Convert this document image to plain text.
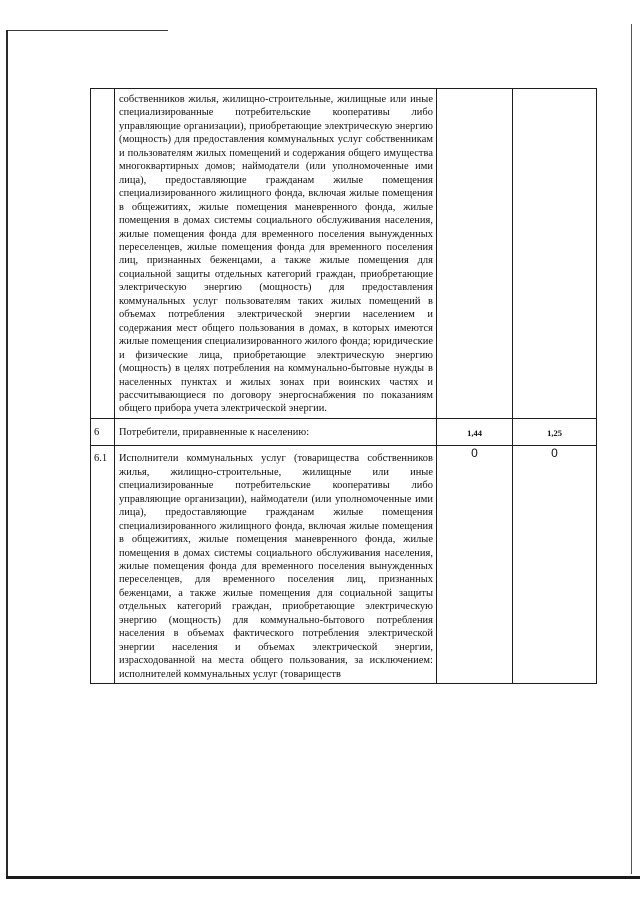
	собственников жилья, жилищно-строительные, жилищные или иные специализированные потребительские кооперативы либо управляющие организации), приобретающие электрическую энергию (мощность) для предоставления коммунальных услуг собственникам и пользователям жилых помещений и содержания общего имущества многоквартирных домов; наймодатели (или уполномоченные ими лица), предоставляющие гражданам жилые помещения специализированного жилищного фонда, включая жилые помещения в общежитиях, жилые помещения маневренного фонда, жилые помещения в домах системы социального обслуживания населения, жилые помещения фонда для временного поселения вынужденных переселенцев, жилые помещения фонда для временного поселения лиц, признанных беженцами, а также жилые помещения для социальной защиты отдельных категорий граждан, приобретающие электрическую энергию (мощность) для предоставления коммунальных услуг пользователям таких жилых помещений в объемах потребления электрической энергии населением и содержания мест общего пользования в домах, в которых имеются жилые помещения специализированного жилого фонда; юридические и физические лица, приобретающие электрическую энергию (мощность) в целях потребления на коммунально-бытовые нужды в населенных пунктах и жилых зонах при воинских частях и рассчитывающиеся по договору энергоснабжения по показаниям общего прибора учета электрической энергии.		

6	Потребители, приравненные к населению:	1,44	1,25

6.1	Исполнители коммунальных услуг (товарищества собственников жилья, жилищно-строительные, жилищные или иные специализированные потребительские кооперативы либо управляющие организации), наймодатели (или уполномоченные ими лица), предоставляющие гражданам жилые помещения специализированного жилищного фонда, включая жилые помещения в общежитиях, жилые помещения маневренного фонда, жилые помещения в домах системы социального обслуживания населения, жилые помещения фонда для временного поселения вынужденных переселенцев, для временного поселения лиц, признанных беженцами, а также жилые помещения для социальной защиты отдельных категорий граждан, приобретающие электрическую энергию (мощность) для коммунально-бытового потребления населения в объемах фактического потребления электрической энергии населения и объемах электрической энергии, израсходованной на места общего пользования, за исключением: исполнителей коммунальных услуг (товариществ	0	0
